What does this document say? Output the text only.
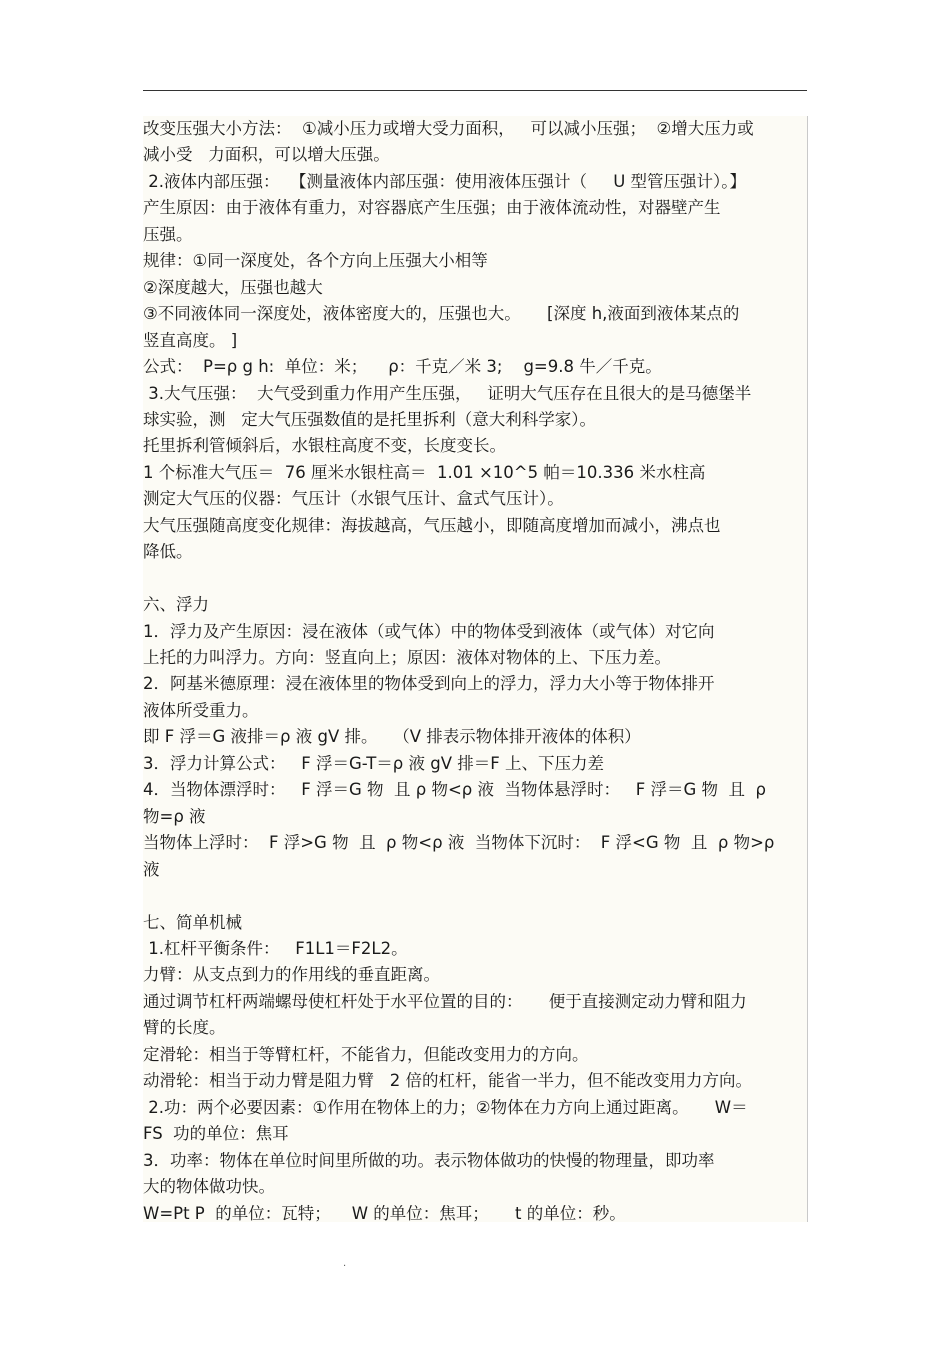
改变压强大小方法：  ①减小压力或增大受力面积，   可以减小压强；  ②增大压力或
减小受   力面积，可以增大压强。
2.液体内部压强：  【测量液体内部压强：使用液体压强计（     U 型管压强计）。】
产生原因：由于液体有重力，对容器底产生压强；由于液体流动性，对器壁产生
压强。
规律：①同一深度处，各个方向上压强大小相等
②深度越大，压强也越大
③不同液体同一深度处，液体密度大的，压强也大。     [深度 h,液面到液体某点的
竖直高度。 ]
公式：  P=ρ g h:  单位：米；    ρ：千克／米 3;    g=9.8 牛／千克。
3.大气压强：  大气受到重力作用产生压强，   证明大气压存在且很大的是马德堡半
球实验，测   定大气压强数值的是托里拆利（意大利科学家）。
托里拆利管倾斜后，水银柱高度不变，长度变长。
1 个标准大气压＝  76 厘米水银柱高＝  1.01 ×10^5 帕＝10.336 米水柱高
测定大气压的仪器：气压计（水银气压计、盒式气压计）。
大气压强随高度变化规律：海拔越高，气压越小，即随高度增加而减小，沸点也
降低。
六、浮力
1．浮力及产生原因：浸在液体（或气体）中的物体受到液体（或气体）对它向
上托的力叫浮力。方向：竖直向上；原因：液体对物体的上、下压力差。
2．阿基米德原理：浸在液体里的物体受到向上的浮力，浮力大小等于物体排开
液体所受重力。
即 F 浮＝G 液排＝ρ 液 gV 排。   （V 排表示物体排开液体的体积）
3．浮力计算公式：   F 浮＝G-T＝ρ 液 gV 排＝F 上、下压力差
4．当物体漂浮时：   F 浮＝G 物  且 ρ 物<ρ 液  当物体悬浮时：   F 浮＝G 物  且  ρ
物=ρ 液
当物体上浮时：  F 浮>G 物  且  ρ 物<ρ 液  当物体下沉时：  F 浮<G 物  且  ρ 物>ρ
液
七、简单机械
1.杠杆平衡条件：   F1L1＝F2L2。
力臂：从支点到力的作用线的垂直距离。
通过调节杠杆两端螺母使杠杆处于水平位置的目的：     便于直接测定动力臂和阻力
臂的长度。
定滑轮：相当于等臂杠杆，不能省力，但能改变用力的方向。
动滑轮：相当于动力臂是阻力臂   2 倍的杠杆，能省一半力，但不能改变用力方向。
2.功：两个必要因素：①作用在物体上的力；②物体在力方向上通过距离。     W＝
FS  功的单位：焦耳
3．功率：物体在单位时间里所做的功。表示物体做功的快慢的物理量，即功率
大的物体做功快。
W=Pt P  的单位：瓦特；    W 的单位：焦耳；     t 的单位：秒。
.
